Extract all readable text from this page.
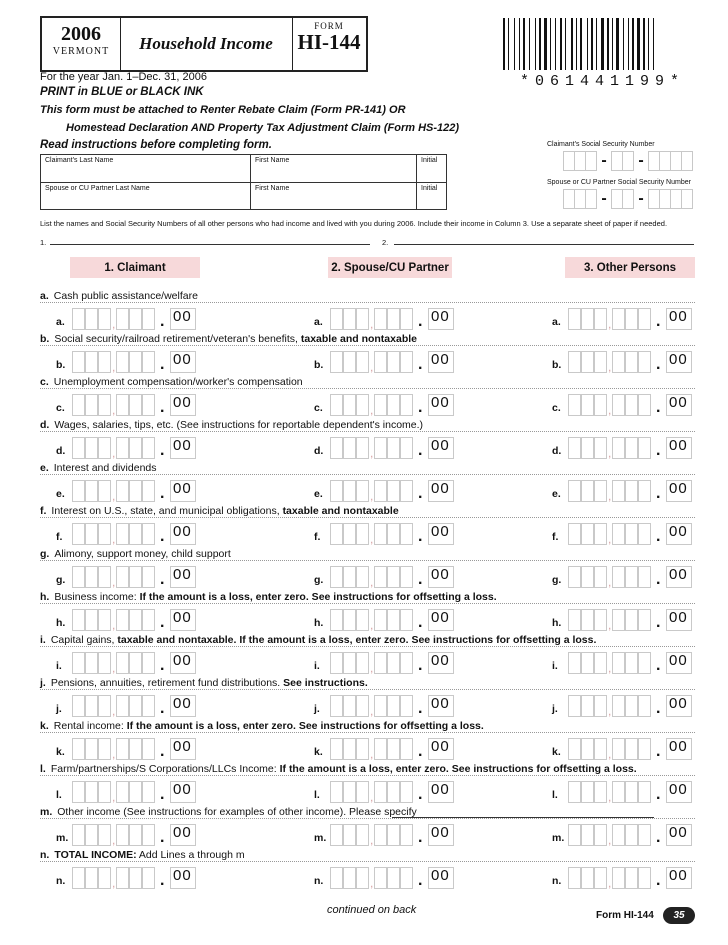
2006
VERMONT	Household Income
FORM
HI-144
*061441199*
For the year Jan. 1–Dec. 31, 2006
PRINT in BLUE or BLACK INK
This form must be attached to Renter Rebate Claim (Form PR-141) OR
Homestead Declaration AND Property Tax Adjustment Claim (Form HS-122)
Read instructions before completing form.
Claimant's Last Name	First Name	Initial
Spouse or CU Partner Last Name	First Name	Initial
Claimant's Social Security Number
- -
Spouse or CU Partner Social Security Number
- -
List the names and Social Security Numbers of all other persons who had income and lived with you during 2006. Include their income in Column 3. Use a separate sheet of paper if needed.
1.	2.
1. Claimant	2. Spouse/CU Partner	3. Other Persons
a. Cash public assistance/welfare
a.	,	. 00	a.	,	. 00	a.	,	. 00
b. Social security/railroad retirement/veteran's benefits, taxable and nontaxable
b.	,	. 00	b.	,	. 00	b.	,	. 00
c. Unemployment compensation/worker's compensation
c.	,	. 00	c.	,	. 00	c.	,	. 00
d. Wages, salaries, tips, etc. (See instructions for reportable dependent's income.)
d.	,	. 00	d.	,	. 00	d.	,	. 00
e. Interest and dividends
e.	,	. 00	e.	,	. 00	e.	,	. 00
f. Interest on U.S., state, and municipal obligations, taxable and nontaxable
f.	,	. 00	f.	,	. 00	f.	,	. 00
g. Alimony, support money, child support
g.	,	. 00	g.	,	. 00	g.	,	. 00
h. Business income: If the amount is a loss, enter zero. See instructions for offsetting a loss.
h.	,	. 00	h.	,	. 00	h.	,	. 00
i. Capital gains, taxable and nontaxable. If the amount is a loss, enter zero. See instructions for offsetting a loss.
i.	,	. 00	i.	,	. 00	i.	,	. 00
j. Pensions, annuities, retirement fund distributions. See instructions.
j.	,	. 00	j.	,	. 00	j.	,	. 00
k. Rental income: If the amount is a loss, enter zero. See instructions for offsetting a loss.
k.	,	. 00	k.	,	. 00	k.	,	. 00
l. Farm/partnerships/S Corporations/LLCs Income: If the amount is a loss, enter zero. See instructions for offsetting a loss.
l.	,	. 00	l.	,	. 00	l.	,	. 00
m. Other income (See instructions for examples of other income). Please specify
m.	,	. 00	m.	,	. 00	m.	,	. 00
n. TOTAL INCOME: Add Lines a through m
n.	,	. 00	n.	,	. 00	n.	,	. 00
continued on back	Form HI-144	35
